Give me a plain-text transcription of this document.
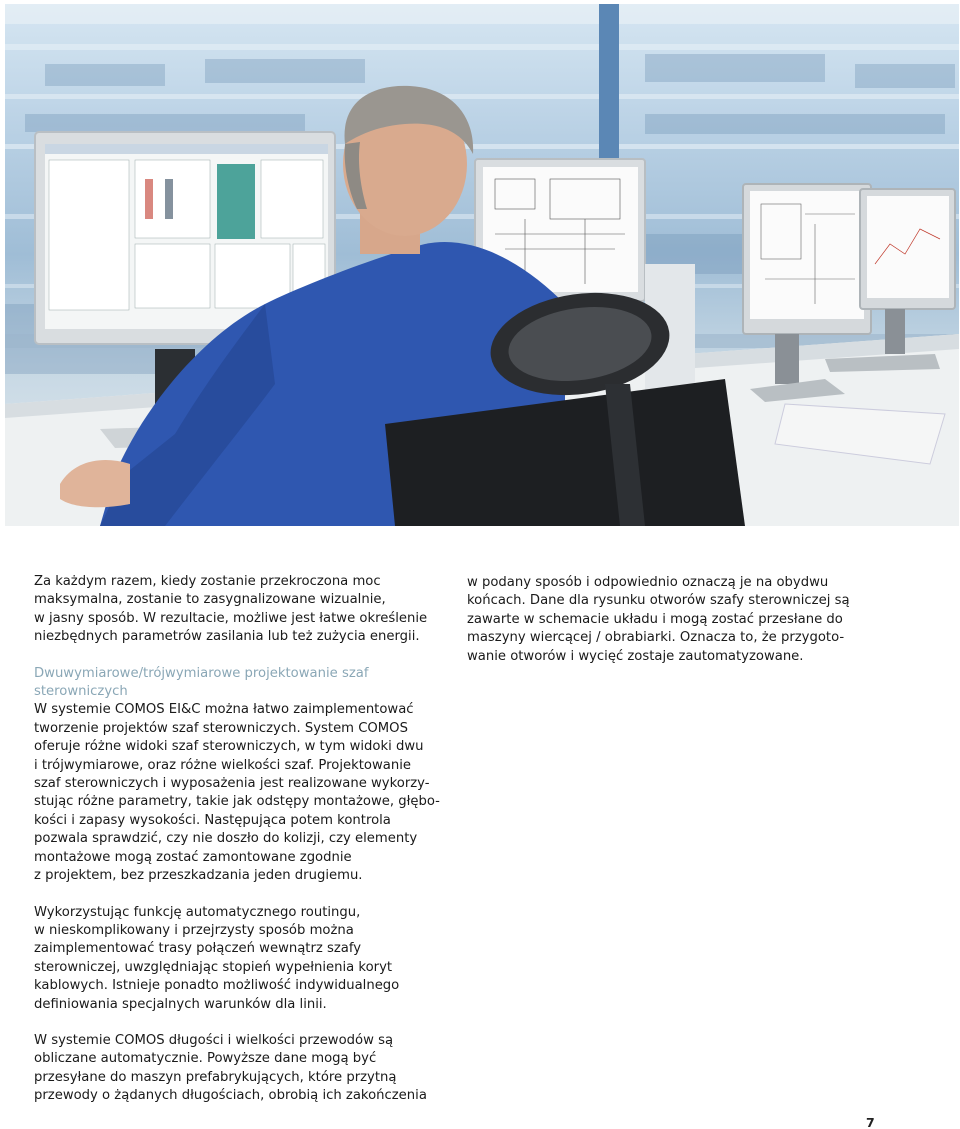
Za każdym razem, kiedy zostanie przekroczona moc
maksymalna, zostanie to zasygnalizowane wizualnie,
w jasny sposób. W rezultacie, możliwe jest łatwe określenie
niezbędnych parametrów zasilania lub też zużycia energii.

Dwuwymiarowe/trójwymiarowe projektowanie szaf
sterowniczych

W systemie COMOS EI&C można łatwo zaimplementować
tworzenie projektów szaf sterowniczych. System COMOS
oferuje różne widoki szaf sterowniczych, w tym widoki dwu
i trójwymiarowe, oraz różne wielkości szaf. Projektowanie
szaf sterowniczych i wyposażenia jest realizowane wykorzy-
stując różne parametry, takie jak odstępy montażowe, głębo-
kości i zapasy wysokości. Następująca potem kontrola
pozwala sprawdzić, czy nie doszło do kolizji, czy elementy
montażowe mogą zostać zamontowane zgodnie
z projektem, bez przeszkadzania jeden drugiemu.

Wykorzystując funkcję automatycznego routingu,
w nieskomplikowany i przejrzysty sposób można
zaimplementować trasy połączeń wewnątrz szafy
sterowniczej, uwzględniając stopień wypełnienia koryt
kablowych. Istnieje ponadto możliwość indywidualnego
definiowania specjalnych warunków dla linii.

W systemie COMOS długości i wielkości przewodów są
obliczane automatycznie. Powyższe dane mogą być
przesyłane do maszyn prefabrykujących, które przytną
przewody o żądanych długościach, obrobią ich zakończenia

w podany sposób i odpowiednio oznaczą je na obydwu
końcach. Dane dla rysunku otworów szafy sterowniczej są
zawarte w schemacie układu i mogą zostać przesłane do
maszyny wiercącej / obrabiarki. Oznacza to, że przygoto-
wanie otworów i wycięć zostaje zautomatyzowane.

7
